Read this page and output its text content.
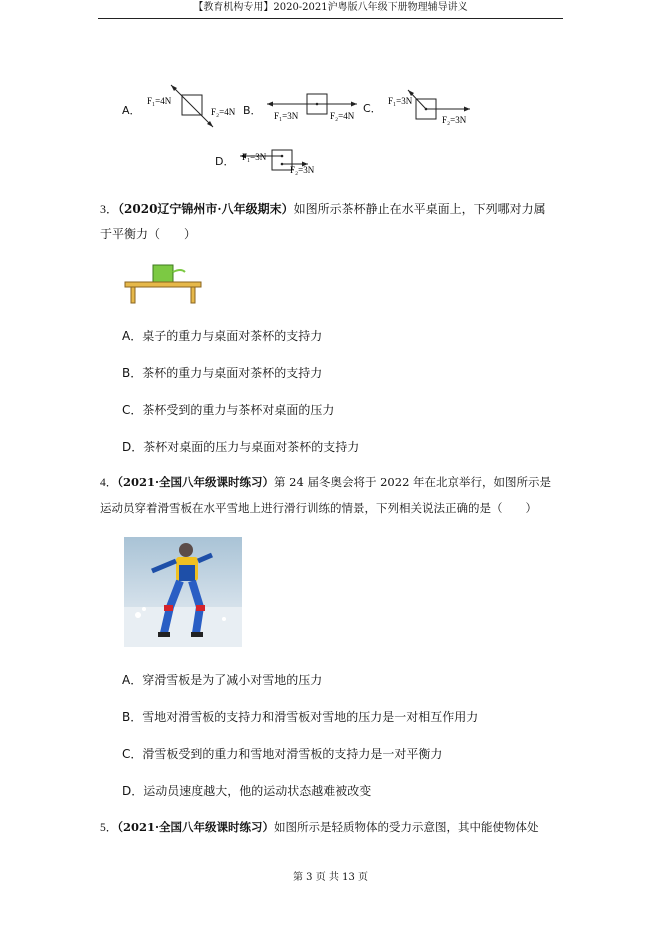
【教育机构专用】2020-2021沪粤版八年级下册物理辅导讲义
A．
F₁=4N
F₂=4N B． F₁=3N	F₂=4N
C．
F₁=3N
F₂=3N
D． F₁=3N
F₂=3N
3．（2020辽宁锦州市·八年级期末）如图所示茶杯静止在水平桌面上，下列哪对力属
于平衡力（　　）
A．桌子的重力与桌面对茶杯的支持力
B．茶杯的重力与桌面对茶杯的支持力
C．茶杯受到的重力与茶杯对桌面的压力
D．茶杯对桌面的压力与桌面对茶杯的支持力
4．（2021·全国八年级课时练习）第 24 届冬奥会将于 2022 年在北京举行，如图所示是
运动员穿着滑雪板在水平雪地上进行滑行训练的情景，下列相关说法正确的是（　　）
A．穿滑雪板是为了减小对雪地的压力
B．雪地对滑雪板的支持力和滑雪板对雪地的压力是一对相互作用力
C．滑雪板受到的重力和雪地对滑雪板的支持力是一对平衡力
D．运动员速度越大，他的运动状态越难被改变
5．（2021·全国八年级课时练习）如图所示是轻质物体的受力示意图，其中能使物体处
第 3 页 共 13 页
